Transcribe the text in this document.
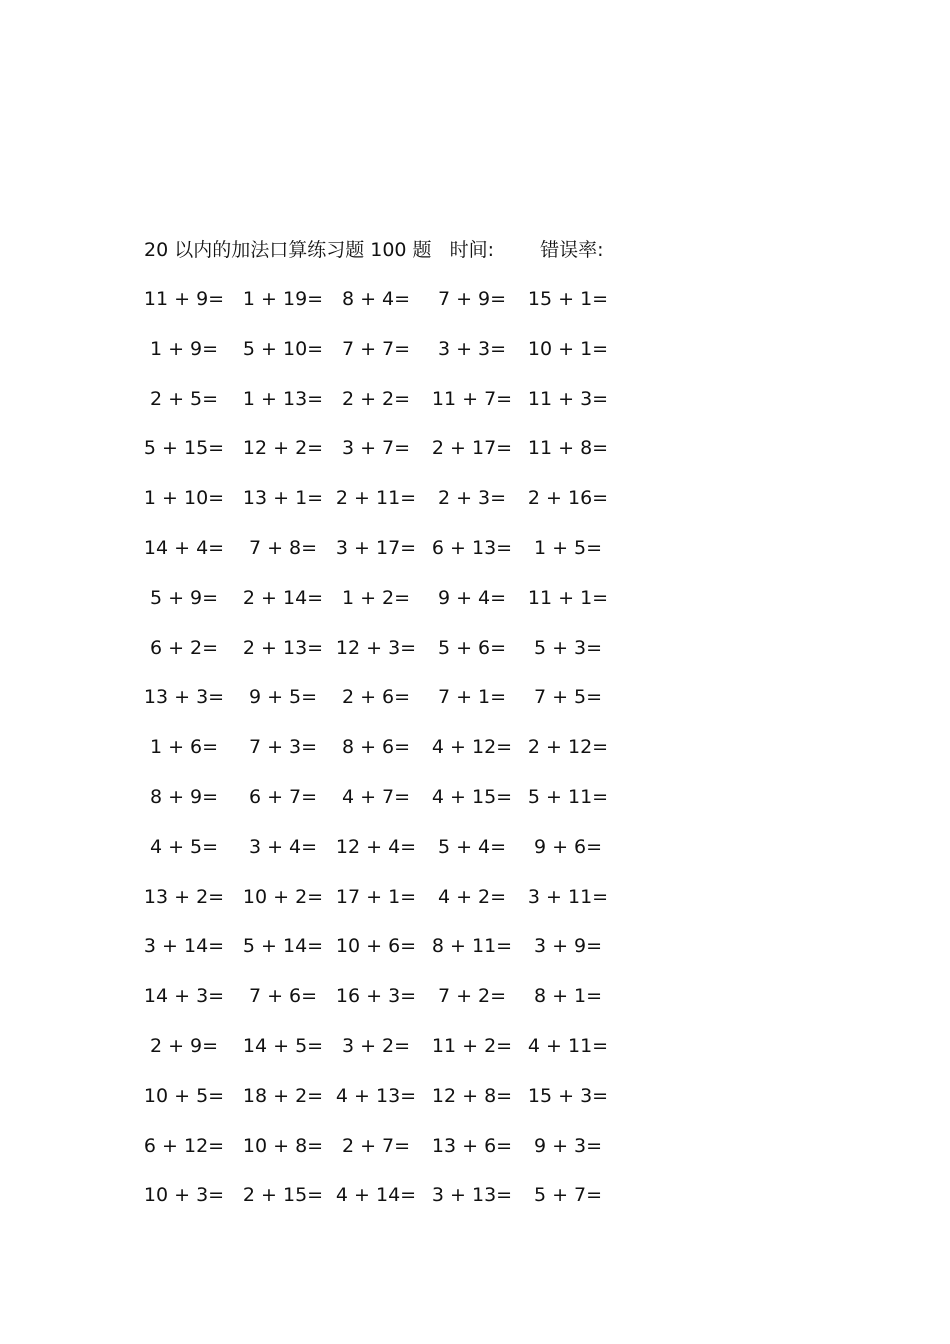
20 以内的加法口算练习题 100 题 时间: 错误率:
11 + 9= 1 + 19= 8 + 4=	7 + 9=	15 + 1=
1 + 9=	5 + 10= 7 + 7=	3 + 3=	10 + 1=
2 + 5=	1 + 13= 2 + 2=	11 + 7= 11 + 3=
5 + 15= 12 + 2= 3 + 7=	2 + 17= 11 + 8=
1 + 10= 13 + 1= 2 + 11=	2 + 3=	2 + 16=
14 + 4=	7 + 8= 3 + 17= 6 + 13=	1 + 5=
5 + 9=	2 + 14= 1 + 2=	9 + 4=	11 + 1=
6 + 2=	2 + 13= 12 + 3=	5 + 6=	5 + 3=
13 + 3=	9 + 5=	2 + 6=	7 + 1=	7 + 5=
1 + 6=	7 + 3=	8 + 6=	4 + 12= 2 + 12=
8 + 9=	6 + 7=	4 + 7=	4 + 15= 5 + 11=
4 + 5=	3 + 4= 12 + 4=	5 + 4=	9 + 6=
13 + 2= 10 + 2= 17 + 1=	4 + 2=	3 + 11=
3 + 14= 5 + 14= 10 + 6= 8 + 11=	3 + 9=
14 + 3=	7 + 6= 16 + 3=	7 + 2=	8 + 1=
2 + 9=	14 + 5= 3 + 2=	11 + 2= 4 + 11=
10 + 5= 18 + 2= 4 + 13= 12 + 8= 15 + 3=
6 + 12= 10 + 8= 2 + 7=	13 + 6=	9 + 3=
10 + 3= 2 + 15= 4 + 14= 3 + 13=	5 + 7=
